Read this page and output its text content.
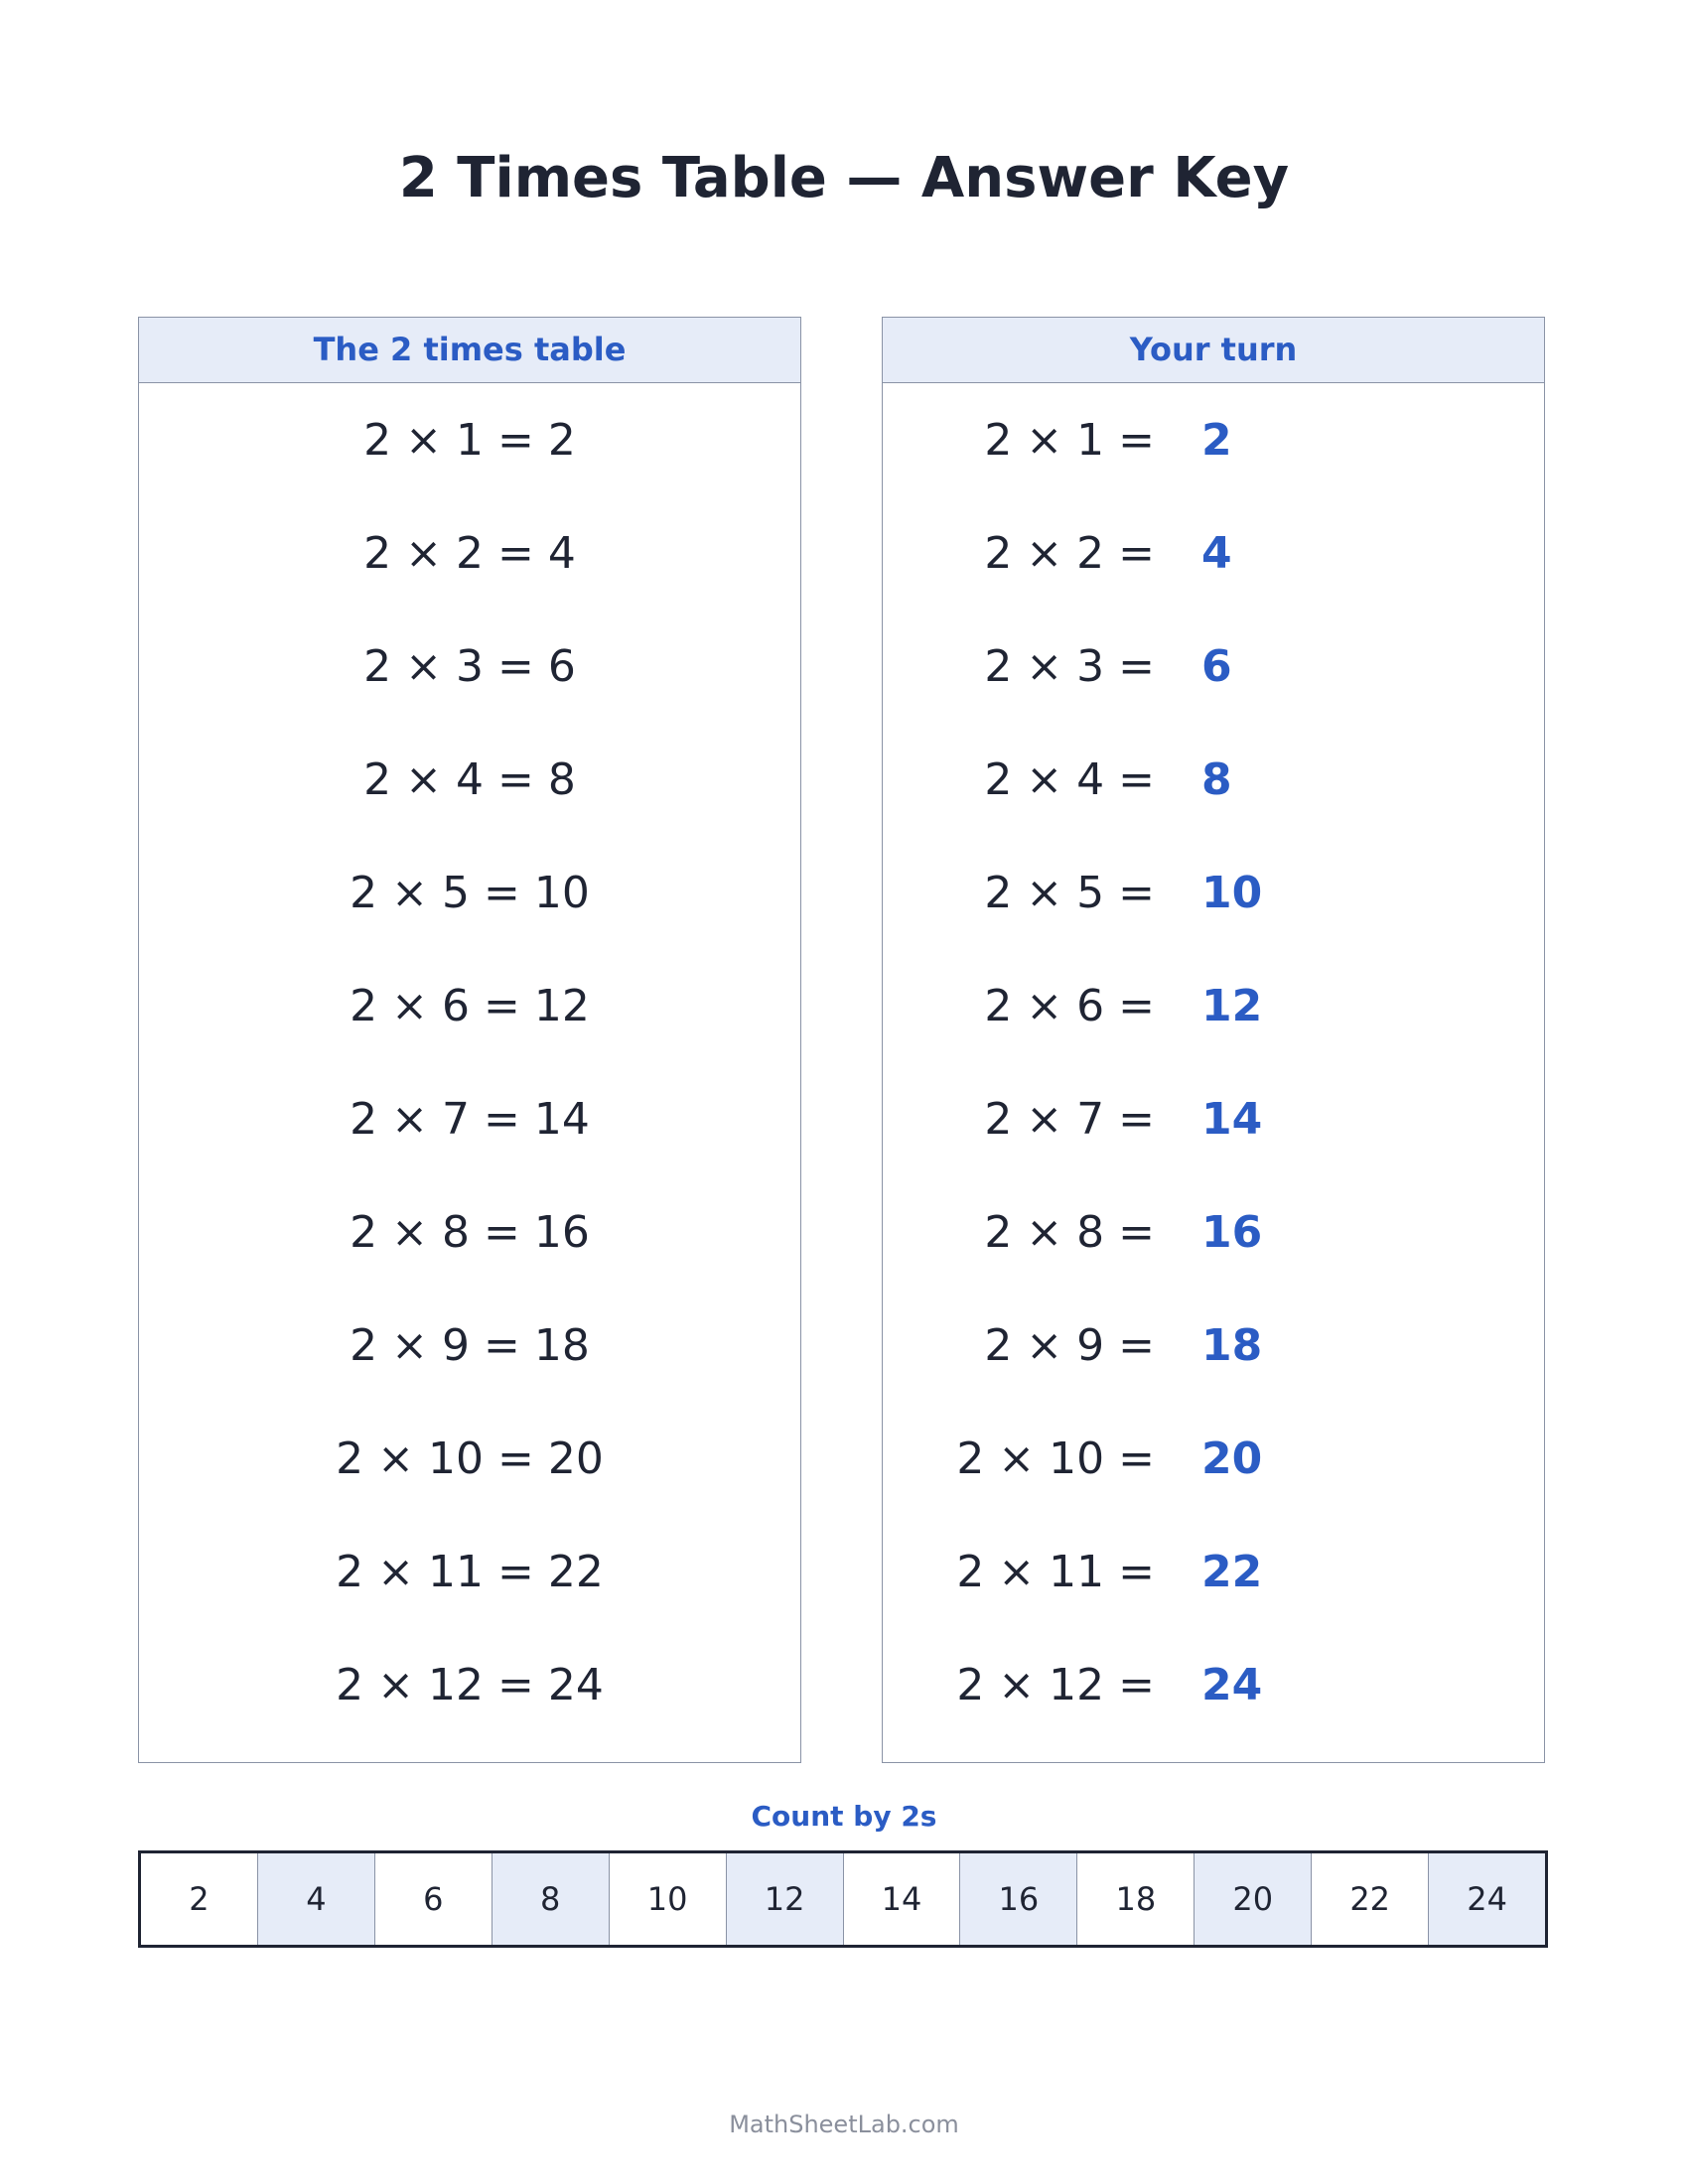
2 Times Table — Answer Key
The 2 times table
2 × 1 = 2
2 × 2 = 4
2 × 3 = 6
2 × 4 = 8
2 × 5 = 10
2 × 6 = 12
2 × 7 = 14
2 × 8 = 16
2 × 9 = 18
2 × 10 = 20
2 × 11 = 22
2 × 12 = 24
Your turn
2 × 1 = 2
2 × 2 = 4
2 × 3 = 6
2 × 4 = 8
2 × 5 = 10
2 × 6 = 12
2 × 7 = 14
2 × 8 = 16
2 × 9 = 18
2 × 10 = 20
2 × 11 = 22
2 × 12 = 24
Count by 2s
2	4	6	8	10	12	14	16	18	20	22	24
MathSheetLab.com
